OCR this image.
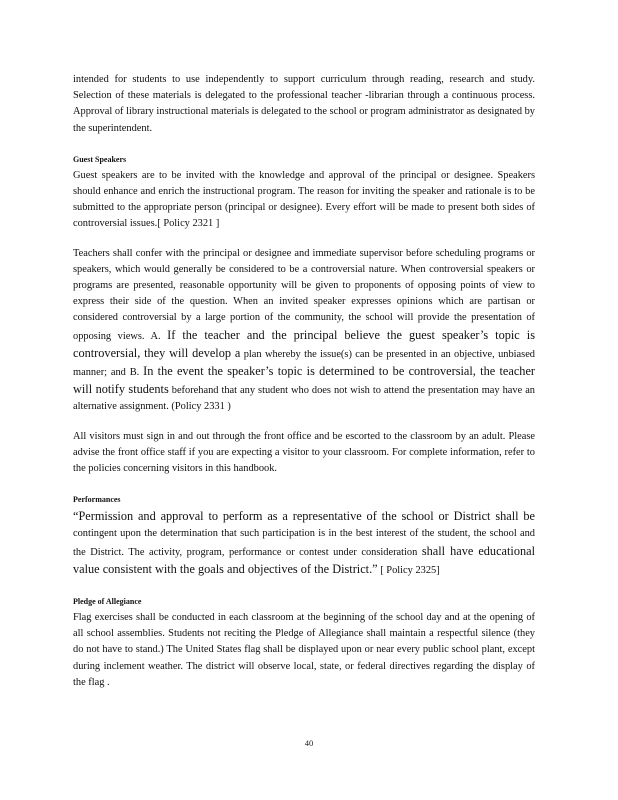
intended for students to use independently to support curriculum through reading, research and study. Selection of these materials is delegated to the professional teacher -librarian through a continuous process. Approval of library instructional materials is delegated to the school or program administrator as designated by the superintendent.

Guest Speakers

Guest speakers are to be invited with the knowledge and approval of the principal or designee. Speakers should enhance and enrich the instructional program. The reason for inviting the speaker and rationale is to be submitted to the appropriate person (principal or designee). Every effort will be made to present both sides of controversial issues.[ Policy 2321 ]

Teachers shall confer with the principal or designee and immediate supervisor before scheduling programs or speakers, which would generally be considered to be a controversial nature. When controversial speakers or programs are presented, reasonable opportunity will be given to proponents of opposing points of view to express their side of the question. When an invited speaker expresses opinions which are partisan or considered controversial by a large portion of the community, the school will provide the presentation of opposing views. A. If the teacher and the principal believe the guest speaker’s topic is controversial, they will develop a plan whereby the issue(s) can be presented in an objective, unbiased manner; and B. In the event the speaker’s topic is determined to be controversial, the teacher will notify students beforehand that any student who does not wish to attend the presentation may have an alternative assignment. (Policy 2331 )

All visitors must sign in and out through the front office and be escorted to the classroom by an adult. Please advise the front office staff if you are expecting a visitor to your classroom. For complete information, refer to the policies concerning visitors in this handbook.

Performances

“Permission and approval to perform as a representative of the school or District shall be contingent upon the determination that such participation is in the best interest of the student, the school and the District. The activity, program, performance or contest under consideration shall have educational value consistent with the goals and objectives of the District.” [ Policy 2325]

Pledge of Allegiance

Flag exercises shall be conducted in each classroom at the beginning of the school day and at the opening of all school assemblies. Students not reciting the Pledge of Allegiance shall maintain a respectful silence (they do not have to stand.) The United States flag shall be displayed upon or near every public school plant, except during inclement weather. The district will observe local, state, or federal directives regarding the display of the flag .

40
